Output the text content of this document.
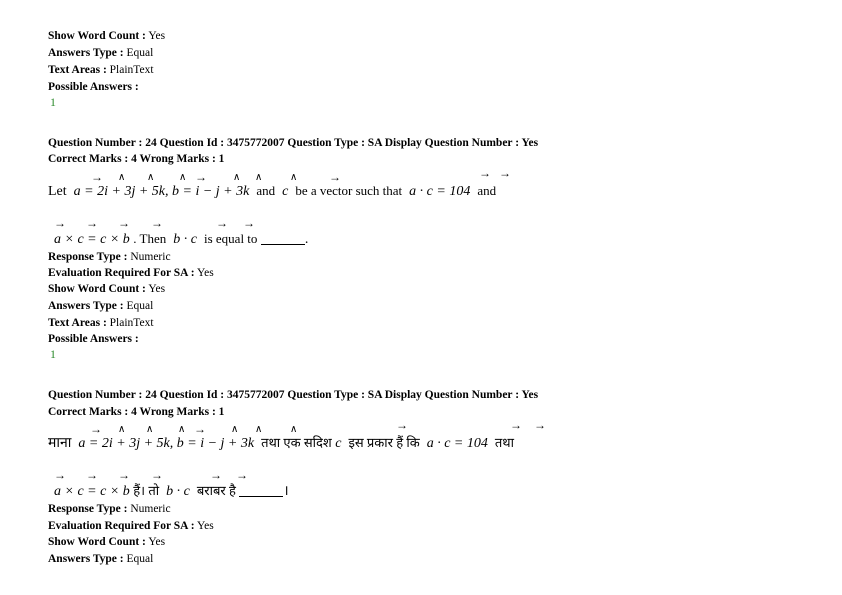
Show Word Count : Yes
Answers Type : Equal
Text Areas : PlainText
Possible Answers :
1
Question Number : 24 Question Id : 3475772007 Question Type : SA Display Question Number : Yes
Correct Marks : 4 Wrong Marks : 1
→ ∧ ∧ ∧ →	∧ ∧	∧	→	→ →
Let a = 2i + 3j + 5k, b = i − j + 3k and c be a vector such that a · c = 104 and
→ → → →	→ →
a × c = c × b . Then b · c is equal to	.
Response Type : Numeric
Evaluation Required For SA : Yes
Show Word Count : Yes
Answers Type : Equal
Text Areas : PlainText
Possible Answers :
1
Question Number : 24 Question Id : 3475772007 Question Type : SA Display Question Number : Yes
Correct Marks : 4 Wrong Marks : 1
→ ∧ ∧ ∧ →	∧ ∧	∧	→	→ →
माना a = 2i + 3j + 5k, b = i − j + 3k तथा एक सदिश c इस प्रकार हैं कि a · c = 104 तथा
→ → → →	→ →
a × c = c × b हैं। तो b · c बराबर है	।
Response Type : Numeric
Evaluation Required For SA : Yes
Show Word Count : Yes
Answers Type : Equal
